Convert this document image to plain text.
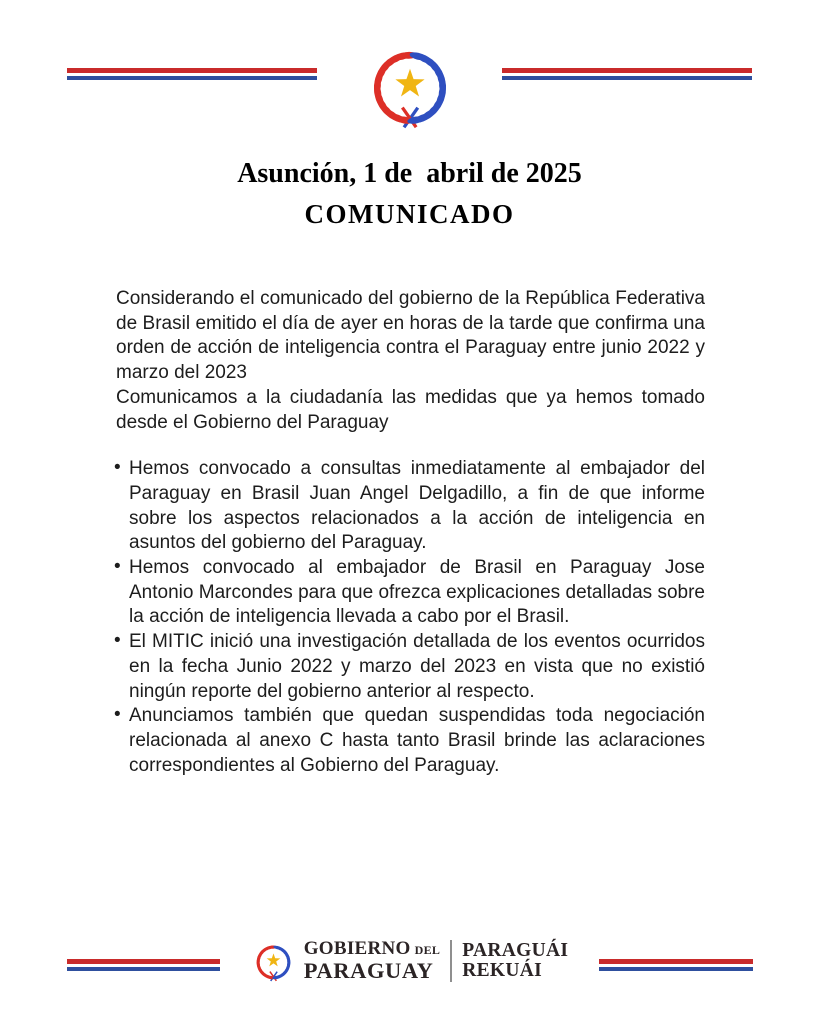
Asunción, 1 de  abril de 2025
COMUNICADO

Considerando el comunicado del gobierno de la República Federativa de Brasil emitido el día de ayer en horas de la tarde que confirma una orden de acción de inteligencia contra el Paraguay entre junio 2022 y marzo del 2023

Comunicamos a la ciudadanía las medidas que ya hemos tomado desde el Gobierno del Paraguay

• Hemos convocado a consultas inmediatamente al embajador del Paraguay en Brasil Juan Angel Delgadillo, a fin de que informe sobre los aspectos relacionados a la acción de inteligencia en asuntos del gobierno del Paraguay.
• Hemos convocado al embajador de Brasil en Paraguay Jose Antonio Marcondes para que ofrezca explicaciones detalladas sobre la acción de inteligencia llevada a cabo por el Brasil.
• El MITIC inició una investigación detallada de los eventos ocurridos en la fecha Junio 2022 y marzo del 2023 en vista que no existió ningún reporte del gobierno anterior al respecto.
• Anunciamos también que quedan suspendidas toda negociación relacionada al anexo C hasta tanto Brasil brinde las aclaraciones correspondientes al Gobierno del Paraguay.
GOBIERNO DEL
PARAGUAY
PARAGUÁI
REKUÁI
